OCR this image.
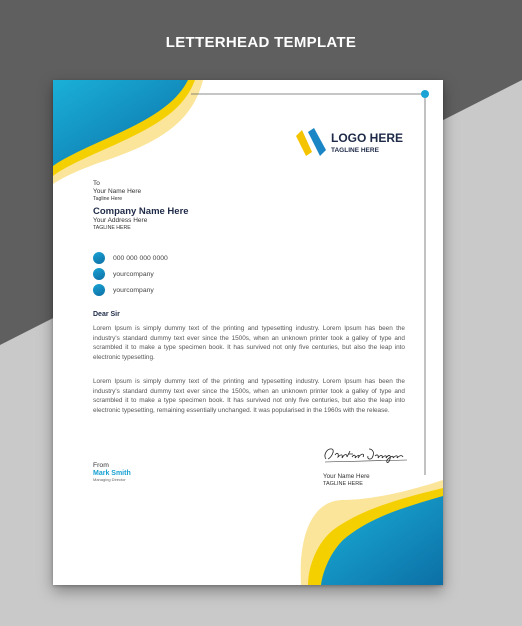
LETTERHEAD TEMPLATE
LOGO HERE
TAGLINE HERE
To
Your Name Here
Tagline Here
Company Name Here
Your Address Here
TAGLINE HERE
000 000 000 0000
yourcompany
yourcompany
Dear Sir
Lorem Ipsum is simply dummy text of the printing and typesetting industry. Lorem Ipsum has been the industry's standard dummy text ever since the 1500s, when an unknown printer took a galley of type and scrambled it to make a type specimen book. It has survived not only five centuries, but also the leap into electronic typesetting.
Lorem Ipsum is simply dummy text of the printing and typesetting industry. Lorem Ipsum has been the industry's standard dummy text ever since the 1500s, when an unknown printer took a galley of type and scrambled it to make a type specimen book. It has survived not only five centuries, but also the leap into electronic typesetting, remaining essentially unchanged. It was popularised in the 1960s with the release.
From
Mark Smith
Managing Director	Your Name Here
TAGLINE HERE
